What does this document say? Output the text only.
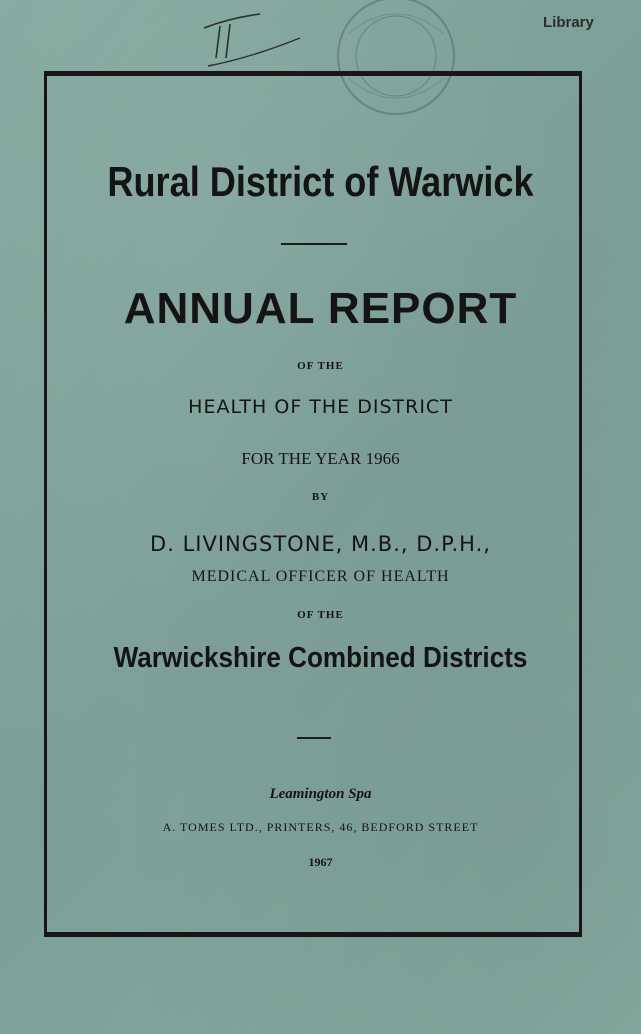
Library
Rural District of Warwick
ANNUAL REPORT
OF THE
HEALTH OF THE DISTRICT
FOR THE YEAR 1966
BY
D. LIVINGSTONE, M.B., D.P.H.,
MEDICAL OFFICER OF HEALTH
OF THE
Warwickshire Combined Districts
Leamington Spa
A. TOMES LTD., PRINTERS, 46, BEDFORD STREET
1967
